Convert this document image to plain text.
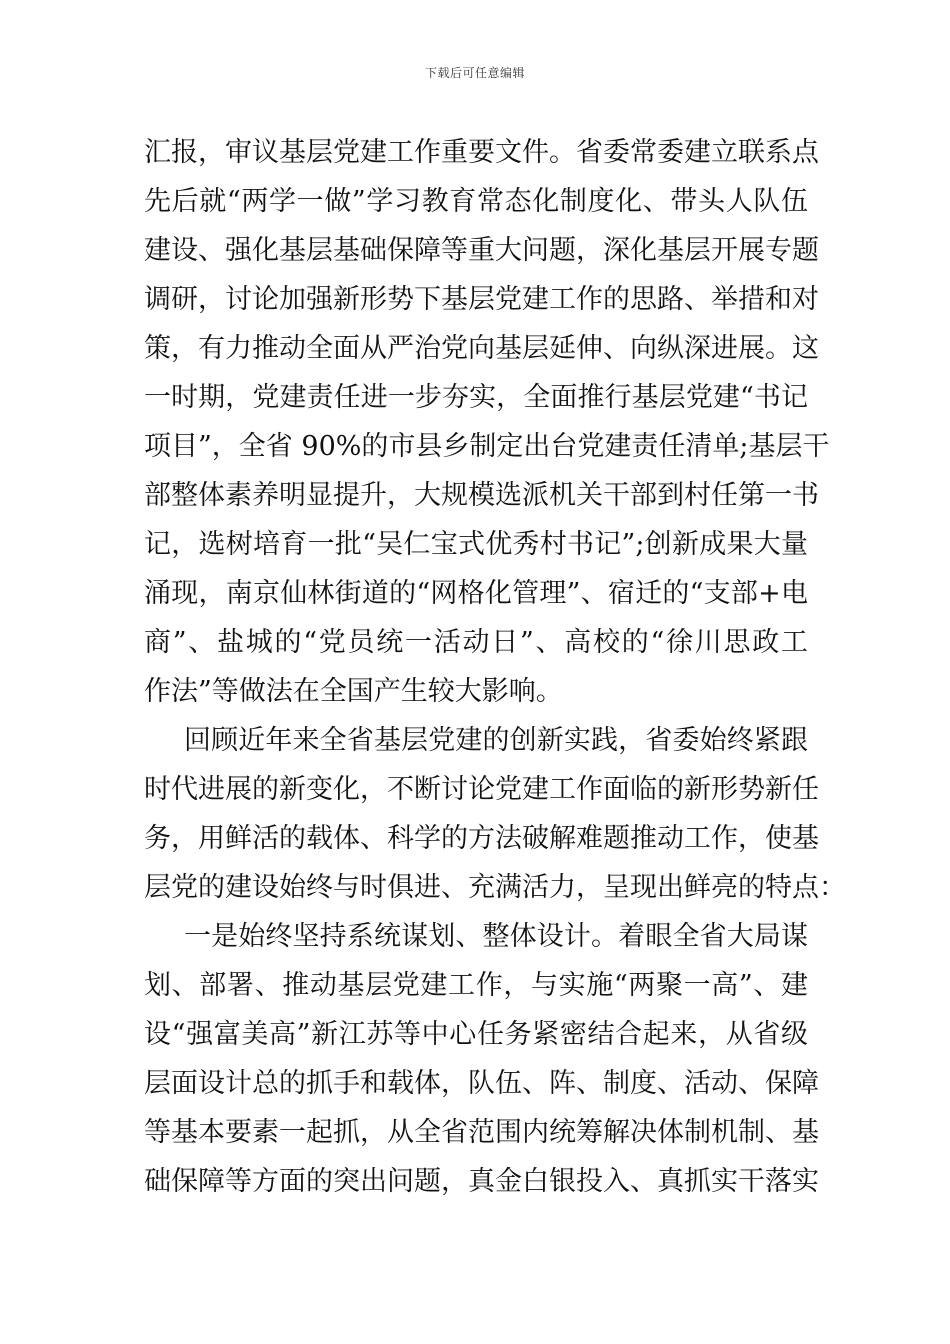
下载后可任意编辑
汇报，审议基层党建工作重要文件。省委常委建立联系点
先后就“两学一做”学习教育常态化制度化、带头人队伍
建设、强化基层基础保障等重大问题，深化基层开展专题
调研，讨论加强新形势下基层党建工作的思路、举措和对
策，有力推动全面从严治党向基层延伸、向纵深进展。这
一时期，党建责任进一步夯实，全面推行基层党建“书记
项目”，全省 90%的市县乡制定出台党建责任清单;基层干
部整体素养明显提升，大规模选派机关干部到村任第一书
记，选树培育一批“吴仁宝式优秀村书记”;创新成果大量
涌现，南京仙林街道的“网格化管理”、宿迁的“支部+电
商”、盐城的“党员统一活动日”、高校的“徐川思政工
作法”等做法在全国产生较大影响。
回顾近年来全省基层党建的创新实践，省委始终紧跟
时代进展的新变化，不断讨论党建工作面临的新形势新任
务，用鲜活的载体、科学的方法破解难题推动工作，使基
层党的建设始终与时俱进、充满活力，呈现出鲜亮的特点：
一是始终坚持系统谋划、整体设计。着眼全省大局谋
划、部署、推动基层党建工作，与实施“两聚一高”、建
设“强富美高”新江苏等中心任务紧密结合起来，从省级
层面设计总的抓手和载体，队伍、阵、制度、活动、保障
等基本要素一起抓，从全省范围内统筹解决体制机制、基
础保障等方面的突出问题，真金白银投入、真抓实干落实
